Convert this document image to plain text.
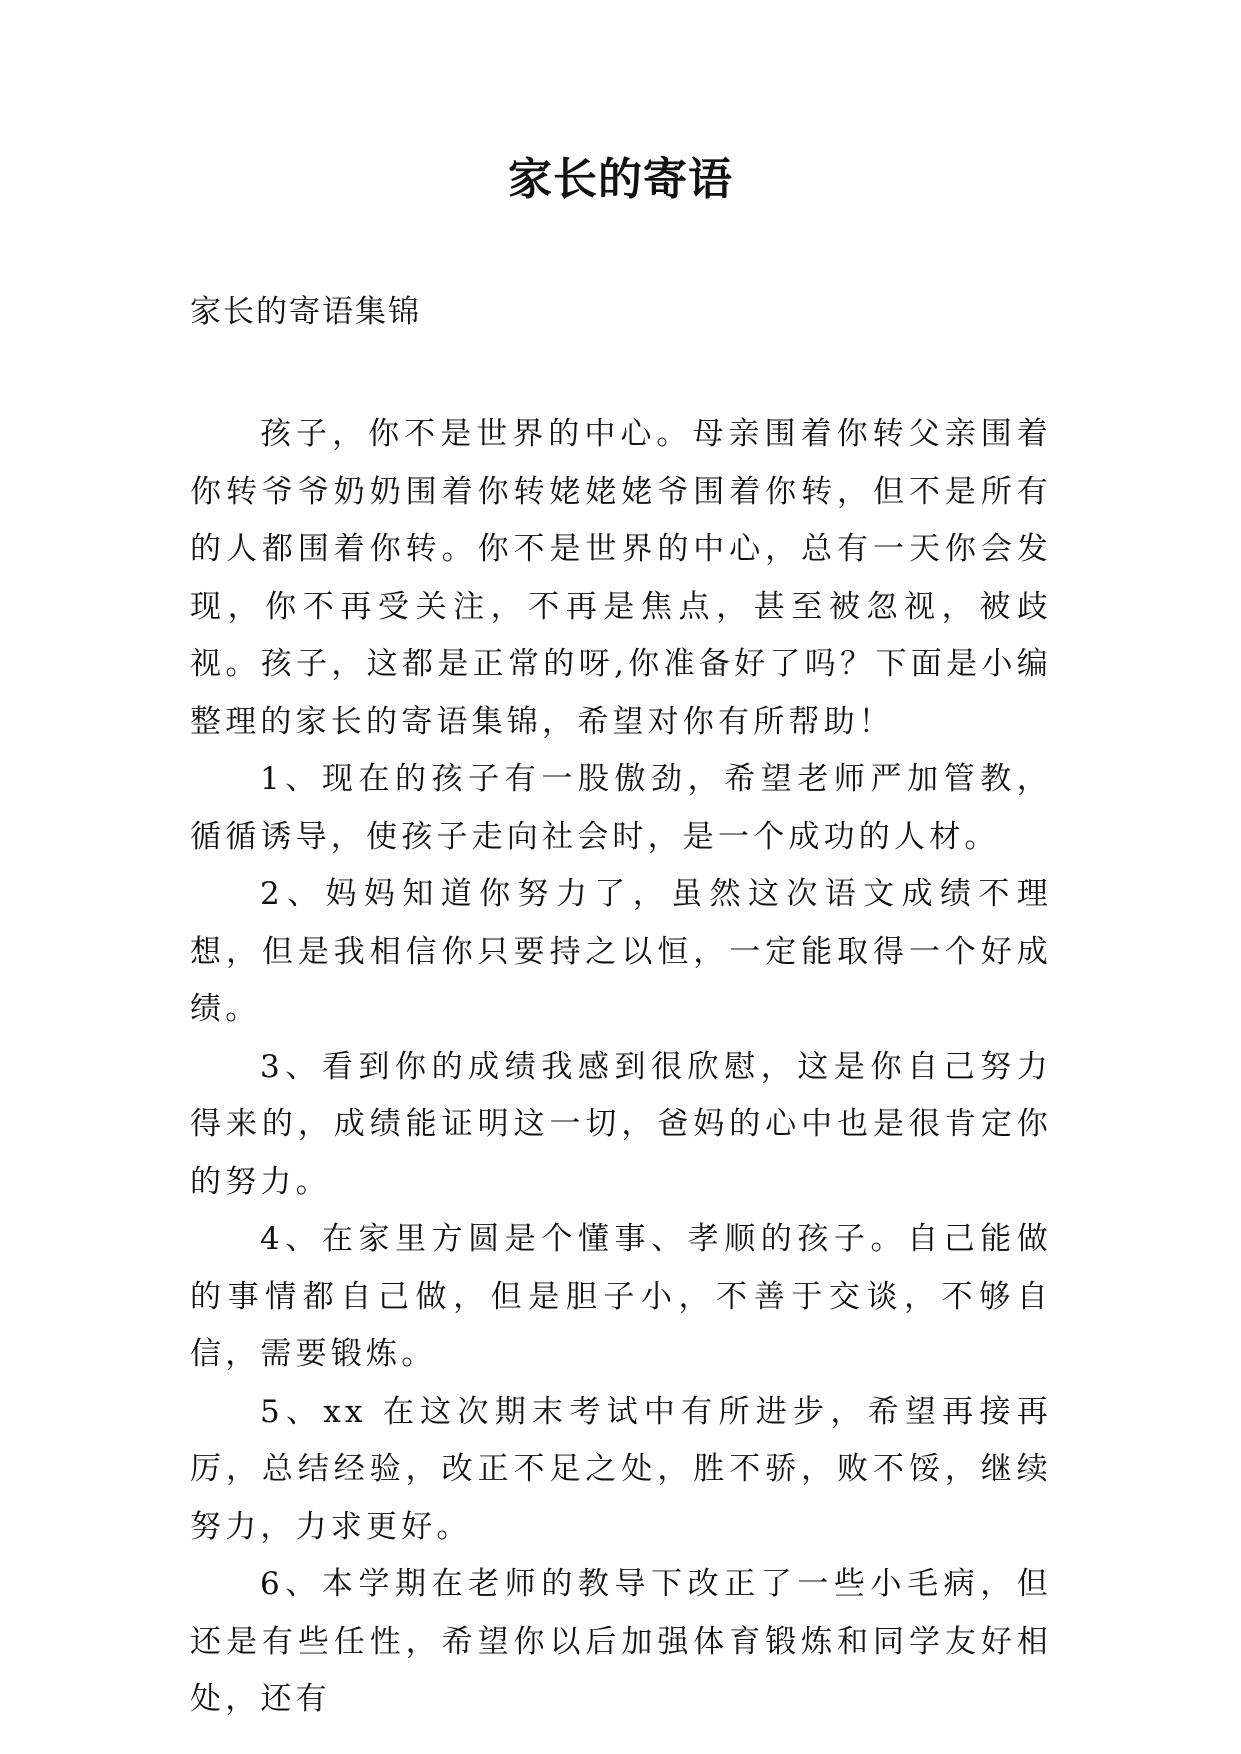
家长的寄语
家长的寄语集锦

孩子，你不是世界的中心。母亲围着你转父亲围着你转爷爷奶奶围着你转姥姥姥爷围着你转，但不是所有的人都围着你转。你不是世界的中心，总有一天你会发现，你不再受关注，不再是焦点，甚至被忽视，被歧视。孩子，这都是正常的呀,你准备好了吗？下面是小编整理的家长的寄语集锦，希望对你有所帮助！

1、现在的孩子有一股傲劲，希望老师严加管教，循循诱导，使孩子走向社会时，是一个成功的人材。

2、妈妈知道你努力了，虽然这次语文成绩不理想，但是我相信你只要持之以恒，一定能取得一个好成绩。

3、看到你的成绩我感到很欣慰，这是你自己努力得来的，成绩能证明这一切，爸妈的心中也是很肯定你的努力。

4、在家里方圆是个懂事、孝顺的孩子。自己能做的事情都自己做，但是胆子小，不善于交谈，不够自信，需要锻炼。

5、xx 在这次期末考试中有所进步，希望再接再厉，总结经验，改正不足之处，胜不骄，败不馁，继续努力，力求更好。

6、本学期在老师的教导下改正了一些小毛病，但还是有些任性，希望你以后加强体育锻炼和同学友好相处，还有
